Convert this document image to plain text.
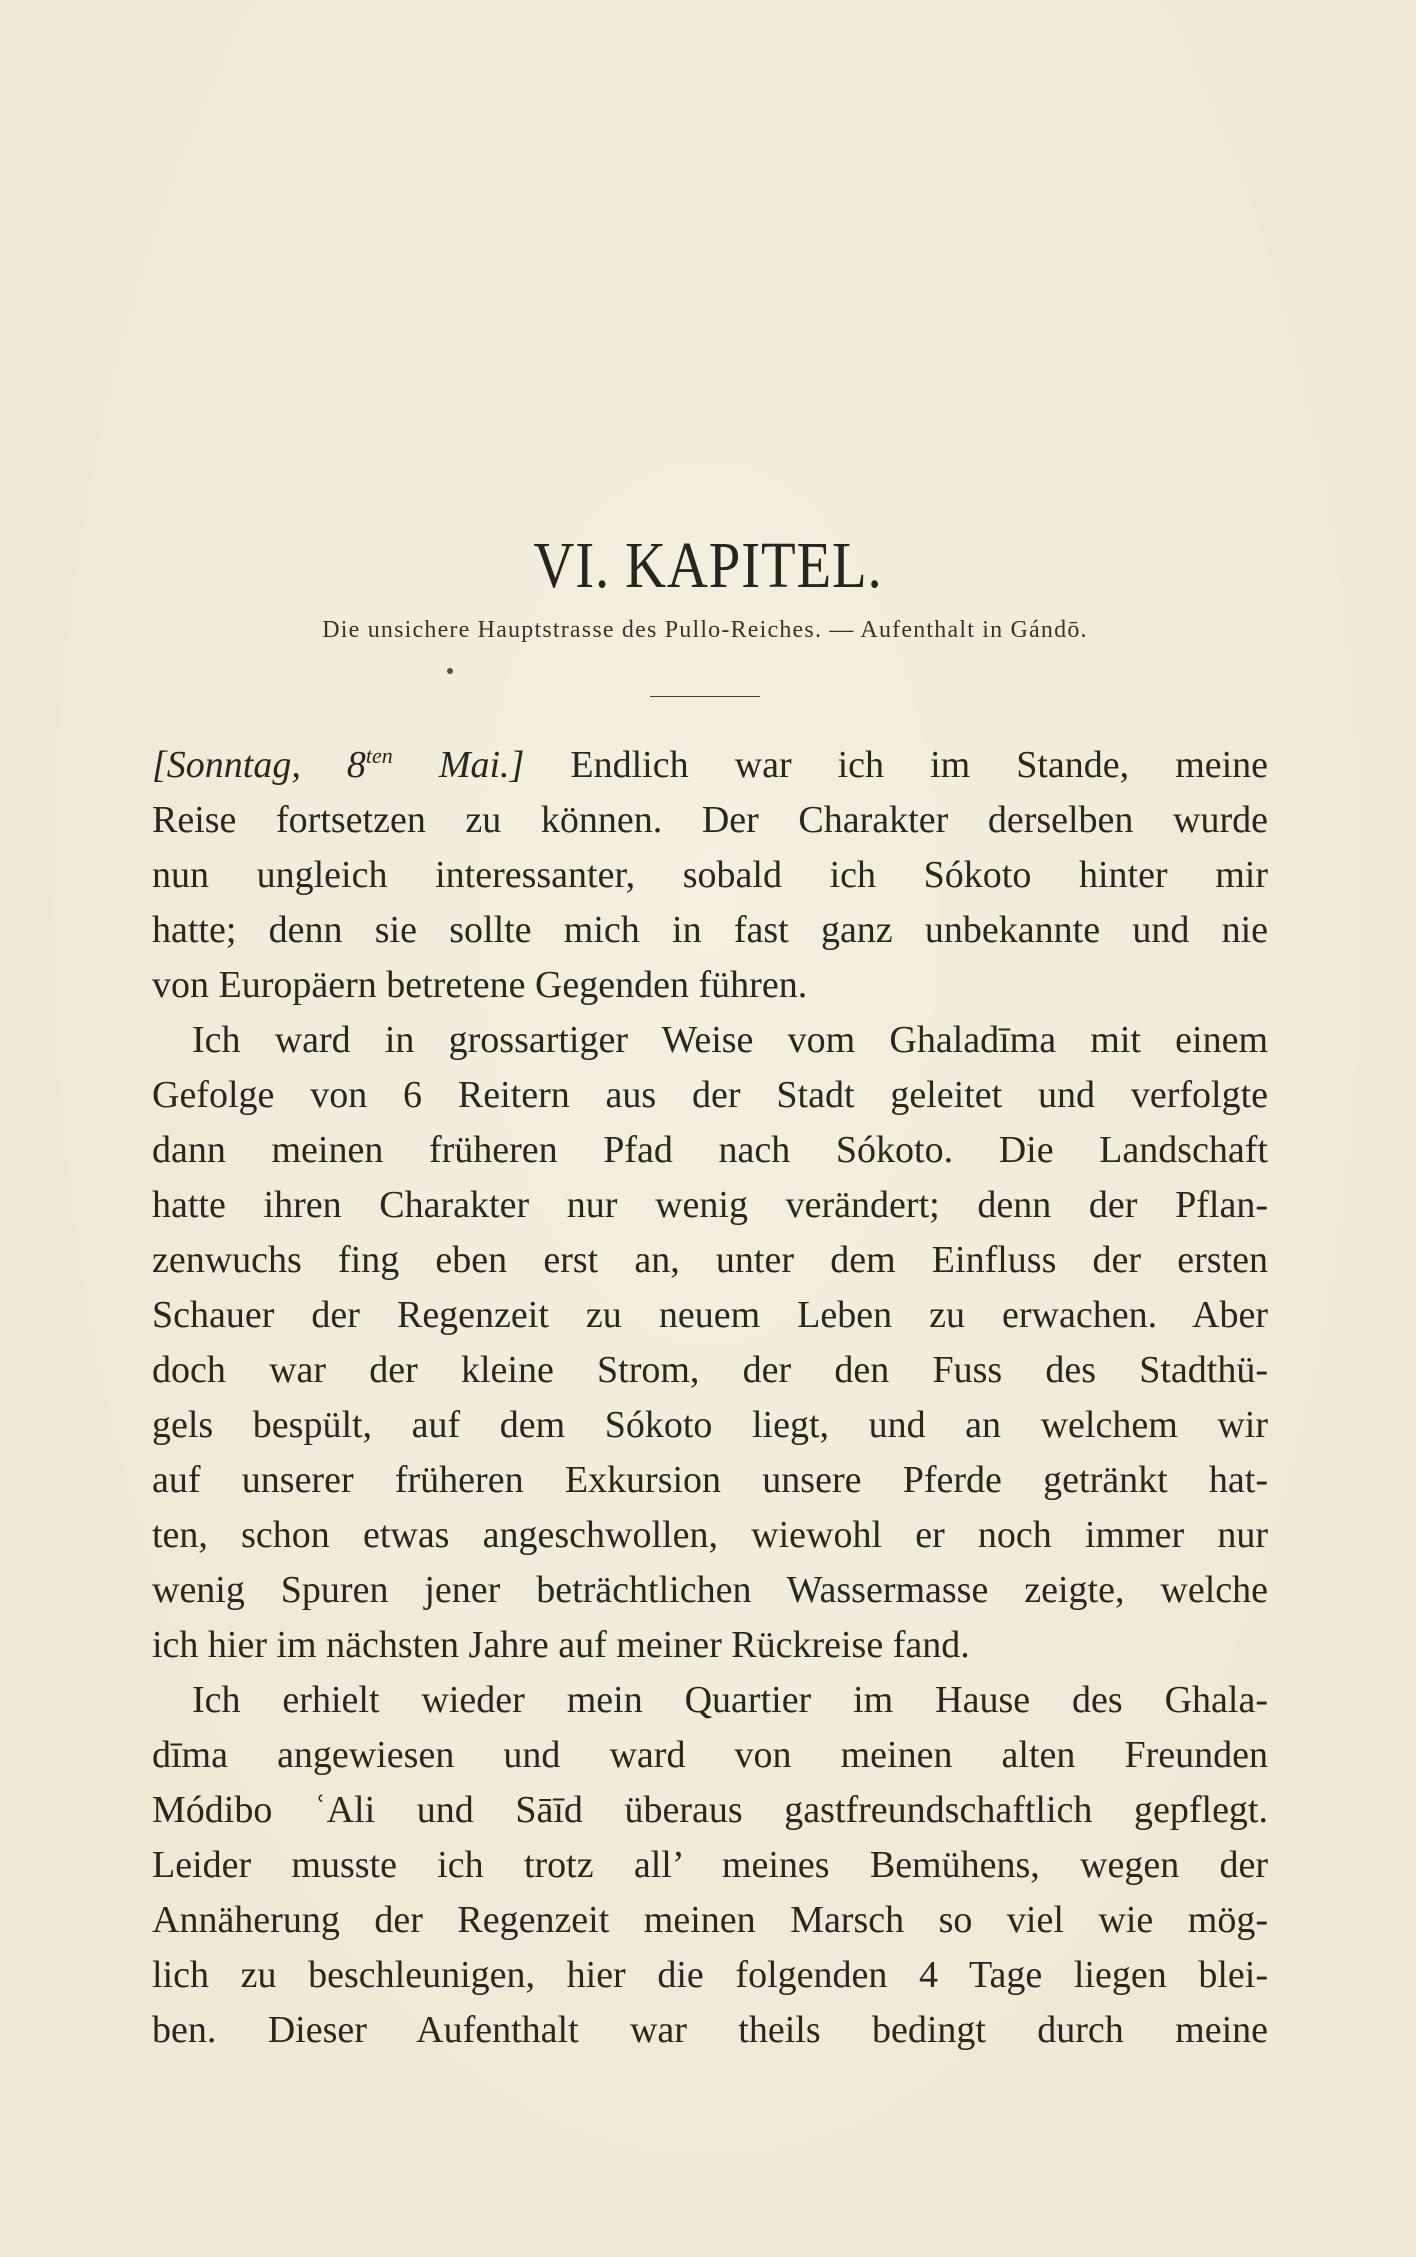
VI. KAPITEL.

Die unsichere Hauptstrasse des Pullo-Reiches. — Aufenthalt in Gándō.

[Sonntag, $8^{ten}$ Mai.] Endlich war ich im Stande, meine
Reise fortsetzen zu können. Der Charakter derselben wurde
nun ungleich interessanter, sobald ich Sókoto hinter mir
hatte; denn sie sollte mich in fast ganz unbekannte und nie
von Europäern betretene Gegenden führen.
Ich ward in grossartiger Weise vom Ghaladīma mit einem
Gefolge von 6 Reitern aus der Stadt geleitet und verfolgte
dann meinen früheren Pfad nach Sókoto. Die Landschaft
hatte ihren Charakter nur wenig verändert; denn der Pflan-
zenwuchs fing eben erst an, unter dem Einfluss der ersten
Schauer der Regenzeit zu neuem Leben zu erwachen. Aber
doch war der kleine Strom, der den Fuss des Stadthü-
gels bespült, auf dem Sókoto liegt, und an welchem wir
auf unserer früheren Exkursion unsere Pferde getränkt hat-
ten, schon etwas angeschwollen, wiewohl er noch immer nur
wenig Spuren jener beträchtlichen Wassermasse zeigte, welche
ich hier im nächsten Jahre auf meiner Rückreise fand.
Ich erhielt wieder mein Quartier im Hause des Ghala-
dīma angewiesen und ward von meinen alten Freunden
Módibo ʿAli und Sāīd überaus gastfreundschaftlich gepflegt.
Leider musste ich trotz all’ meines Bemühens, wegen der
Annäherung der Regenzeit meinen Marsch so viel wie mög-
lich zu beschleunigen, hier die folgenden 4 Tage liegen blei-
ben. Dieser Aufenthalt war theils bedingt durch meine
